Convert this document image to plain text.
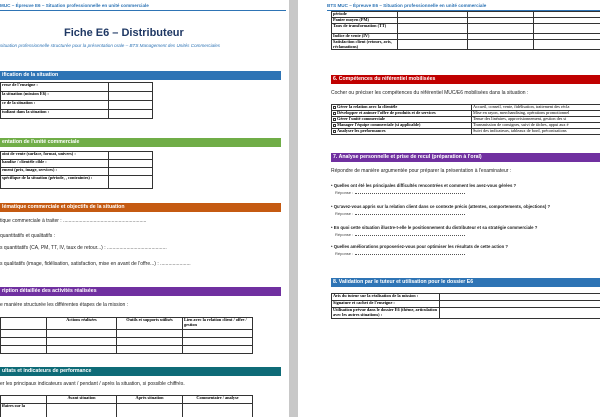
MUC – Épreuve E6 – Situation professionnelle en unité commerciale
Fiche E6 – Distributeur
situation professionnelle structurée pour la présentation orale – BTS Management des Unités Commerciales
ification de la situation
resse de l'enseigne :	
la situation (mission E6) :	
ce de la situation :	
tudiant dans la situation :	
entation de l'unité commerciale
oint de vente (surface, format, univers) :	
handise / clientèle cible :	
ement (prix, image, services) :	
spécifique de la situation (période, , contraintes) :	
lématique commerciale et objectifs de la situation
tique commerciale à traiter : ............................................................
quantitatifs et qualitatifs :
s quantitatifs (CA, PM, TT, IV, taux de retour...) : ...........................................
s qualitatifs (image, fidélisation, satisfaction, mise en avant de l'offre...) : ......................
ription détaillée des activités réalisées
e manière structurée les différentes étapes de la mission :
	Actions réalisées	Outils et supports utilisés	Lien avec la relation client / offre / gestion

ultats et indicateurs de performance
er les principaux indicateurs avant / pendant / après la situation, si possible chiffrés.
	Avant situation	Après situation	Commentaire / analyse
ffaires sur la			
BTS MUC – Épreuve E6 – Situation professionnelle en unité commerciale
période			
Panier moyen (PM)			
Taux de transformation (TT)			
Indice de vente (IV)			
Satisfaction client (retours, avis, réclamations)			
6. Compétences du référentiel mobilisées
Cocher ou préciser les compétences du référentiel MUC/E6 mobilisées dans la situation :
Gérer la relation avec la clientèle	Accueil, conseil, vente, fidélisation, traitement des récla
Développer et animer l'offre de produits et de services	Mise en rayon, merchandising, opérations promotionnel
Gérer l'unité commerciale	Tenue des linéaires, approvisionnement, gestion des st
Manager l'équipe commerciale (si applicable)	Transmission de consignes, suivi de tâches, appui aux é
Analyser les performances	Suivi des indicateurs, tableaux de bord, préconisations
7. Analyse personnelle et prise de recul (préparation à l'oral)
Répondre de manière argumentée pour préparer la présentation à l'examinateur :
• Quelles ont été les principales difficultés rencontrées et comment les avez-vous gérées ?
Réponse :
• Qu'avez-vous appris sur la relation client dans ce contexte précis (attentes, comportements, objections) ?
Réponse :
• En quoi cette situation illustre-t-elle le positionnement du distributeur et sa stratégie commerciale ?
Réponse :
• Quelles améliorations proposeriez-vous pour optimiser les résultats de cette action ?
Réponse :
8. Validation par le tuteur et utilisation pour le dossier E6
Avis du tuteur sur la réalisation de la mission :	
Signature et cachet de l'enseigne :	
Utilisation prévue dans le dossier E6 (thème, articulation avec les autres situations) :	
